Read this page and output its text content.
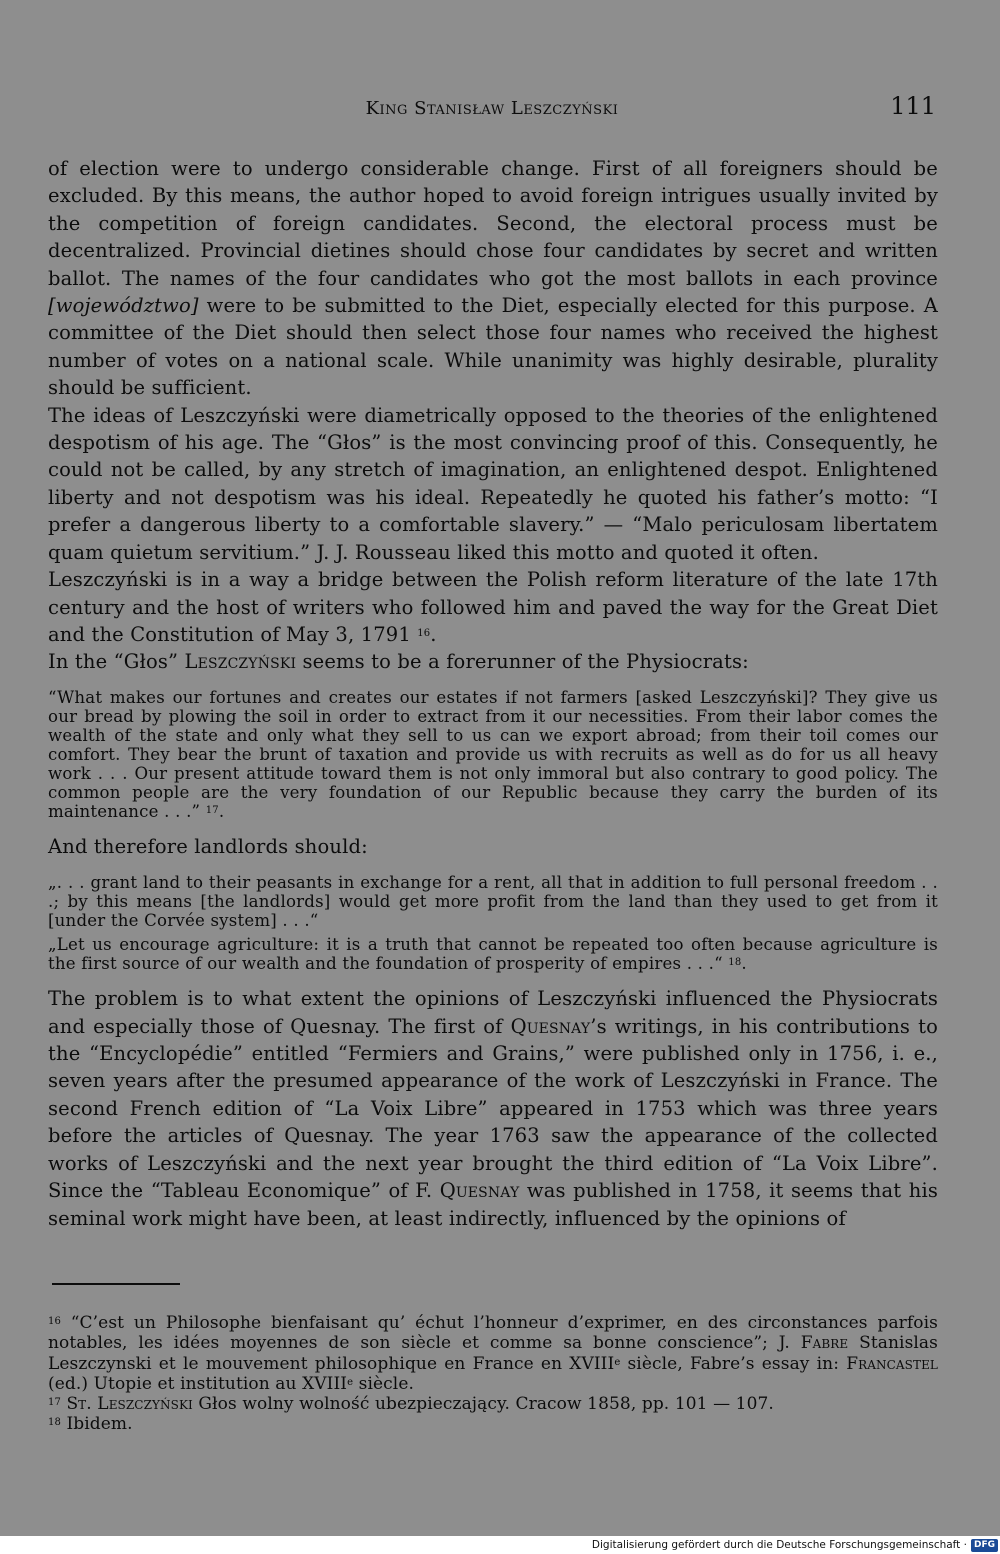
King Stanisław Leszczyński	111

of election were to undergo considerable change. First of all foreigners should be excluded. By this means, the author hoped to avoid foreign intrigues usually invited by the competition of foreign candidates. Second, the electoral process must be decentralized. Provincial dietines should chose four candidates by secret and written ballot. The names of the four candidates who got the most ballots in each province [województwo] were to be submitted to the Diet, especially elected for this purpose. A committee of the Diet should then select those four names who received the highest number of votes on a national scale. While unanimity was highly desirable, plurality should be sufficient.

The ideas of Leszczyński were diametrically opposed to the theories of the enlightened despotism of his age. The “Głos” is the most convincing proof of this. Consequently, he could not be called, by any stretch of imagination, an enlightened despot. Enlightened liberty and not despotism was his ideal. Repeatedly he quoted his father’s motto: “I prefer a dangerous liberty to a comfortable slavery.” — “Malo periculosam libertatem quam quietum servitium.” J. J. Rousseau liked this motto and quoted it often.

Leszczyński is in a way a bridge between the Polish reform literature of the late 17th century and the host of writers who followed him and paved the way for the Great Diet and the Constitution of May 3, 1791 $^{16}$.

In the “Głos” Leszczyński seems to be a forerunner of the Physiocrats:

“What makes our fortunes and creates our estates if not farmers [asked Leszczyński]? They give us our bread by plowing the soil in order to extract from it our necessities. From their labor comes the wealth of the state and only what they sell to us can we export abroad; from their toil comes our comfort. They bear the brunt of taxation and provide us with recruits as well as do for us all heavy work . . . Our present attitude toward them is not only immoral but also contrary to good policy. The common people are the very foundation of our Republic because they carry the burden of its maintenance . . .” $^{17}$.

And therefore landlords should:

„. . . grant land to their peasants in exchange for a rent, all that in addition to full personal freedom . . .; by this means [the landlords] would get more profit from the land than they used to get from it [under the Corvée system] . . .“

„Let us encourage agriculture: it is a truth that cannot be repeated too often because agriculture is the first source of our wealth and the foundation of prosperity of empires . . .“ $^{18}$.

The problem is to what extent the opinions of Leszczyński influenced the Physiocrats and especially those of Quesnay. The first of Quesnay’s writings, in his contributions to the “Encyclopédie” entitled “Fermiers and Grains,” were published only in 1756, i. e., seven years after the presumed appearance of the work of Leszczyński in France. The second French edition of “La Voix Libre” appeared in 1753 which was three years before the articles of Quesnay. The year 1763 saw the appearance of the collected works of Leszczyński and the next year brought the third edition of “La Voix Libre”. Since the “Tableau Economique” of F. Quesnay was published in 1758, it seems that his seminal work might have been, at least indirectly, influenced by the opinions of

$^{16}$ “C’est un Philosophe bienfaisant qu’ échut l’honneur d’exprimer, en des circonstances parfois notables, les idées moyennes de son siècle et comme sa bonne conscience”; J. Fabre Stanislas Leszczynski et le mouvement philosophique en France en XVIIIe siècle, Fabre’s essay in: Francastel (ed.) Utopie et institution au XVIIIe siècle.

$^{17}$ St. Leszczyński Głos wolny wolność ubezpieczający. Cracow 1858, pp. 101 — 107.

$^{18}$ Ibidem.

Digitalisierung gefördert durch die Deutsche Forschungsgemeinschaft · DFG
